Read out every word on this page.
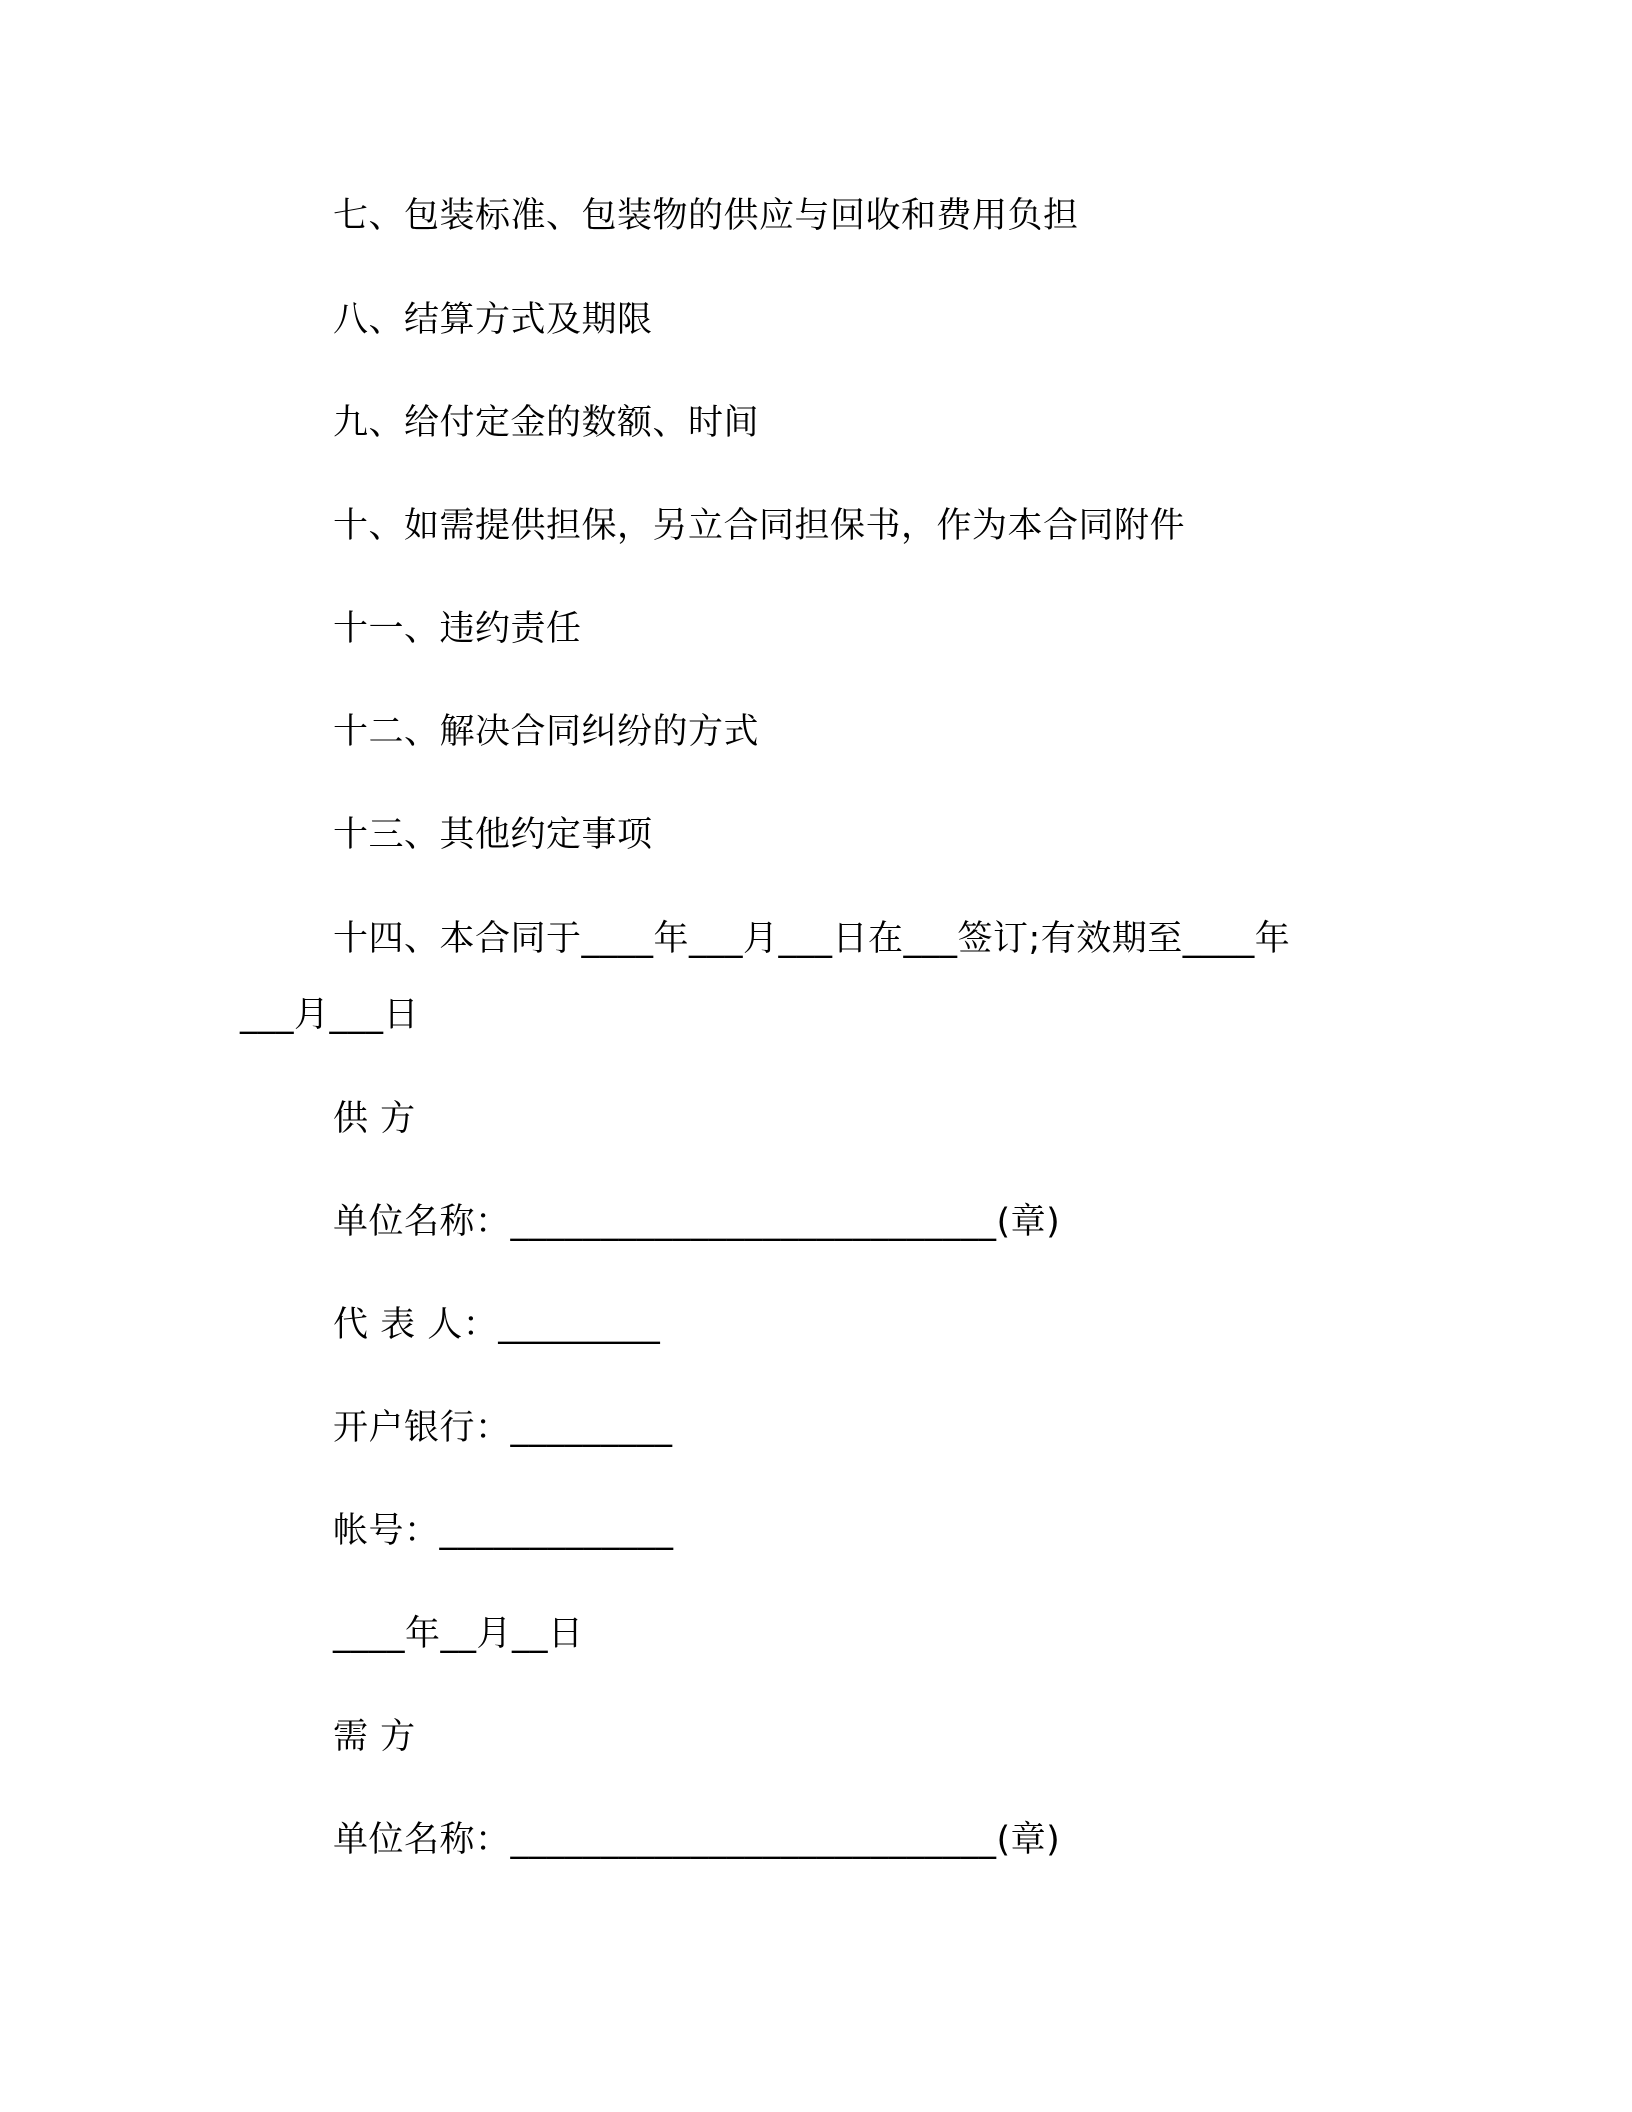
七、包装标准、包装物的供应与回收和费用负担
八、结算方式及期限
九、给付定金的数额、时间
十、如需提供担保，另立合同担保书，作为本合同附件
十一、违约责任
十二、解决合同纠纷的方式
十三、其他约定事项
十四、本合同于____年___月___日在___签订;有效期至____年
___月___日
供 方
单位名称：___________________________(章)
代 表 人：_________
开户银行：_________
帐号：_____________
____年__月__日
需 方
单位名称：___________________________(章)
